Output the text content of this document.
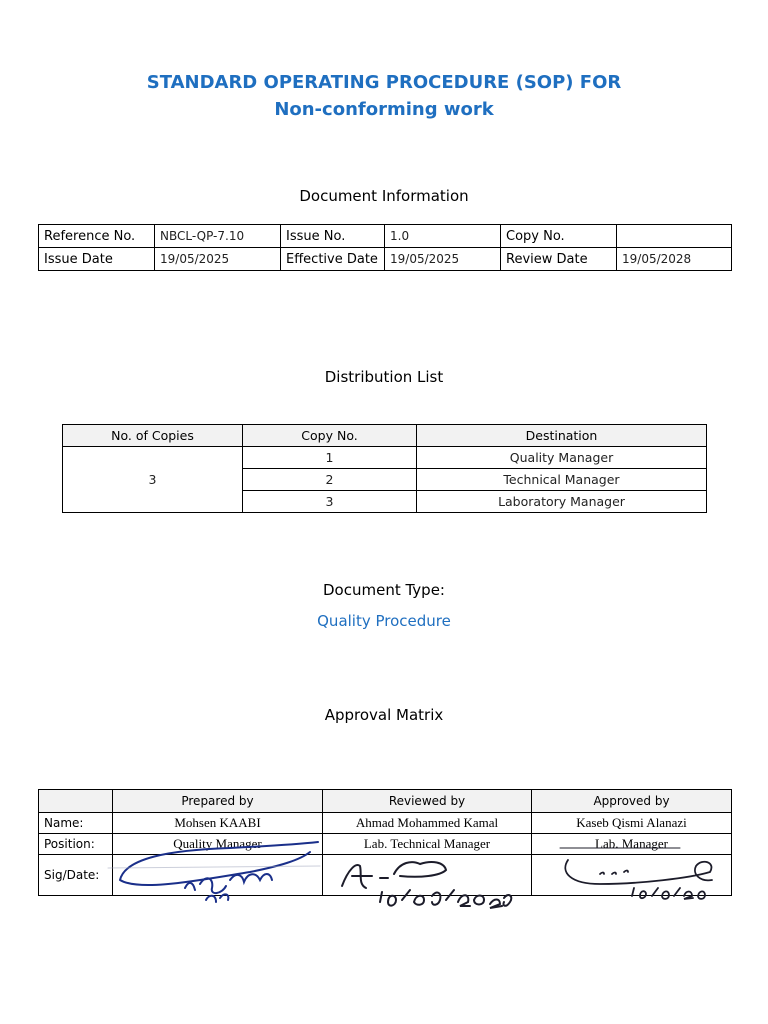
STANDARD OPERATING PROCEDURE (SOP) FOR
Non-conforming work
Document Information
Reference No.	NBCL-QP-7.10	Issue No.	1.0	Copy No.	
Issue Date	19/05/2025	Effective Date	19/05/2025	Review Date	19/05/2028
Distribution List
No. of Copies	Copy No.	Destination
3	1	Quality Manager
	2	Technical Manager
	3	Laboratory Manager
Document Type:
Quality Procedure
Approval Matrix
	Prepared by	Reviewed by	Approved by
Name:	Mohsen KAABI	Ahmad Mohammed Kamal	Kaseb Qismi Alanazi
Position:	Quality Manager	Lab. Technical Manager	Lab. Manager
Sig/Date:			
